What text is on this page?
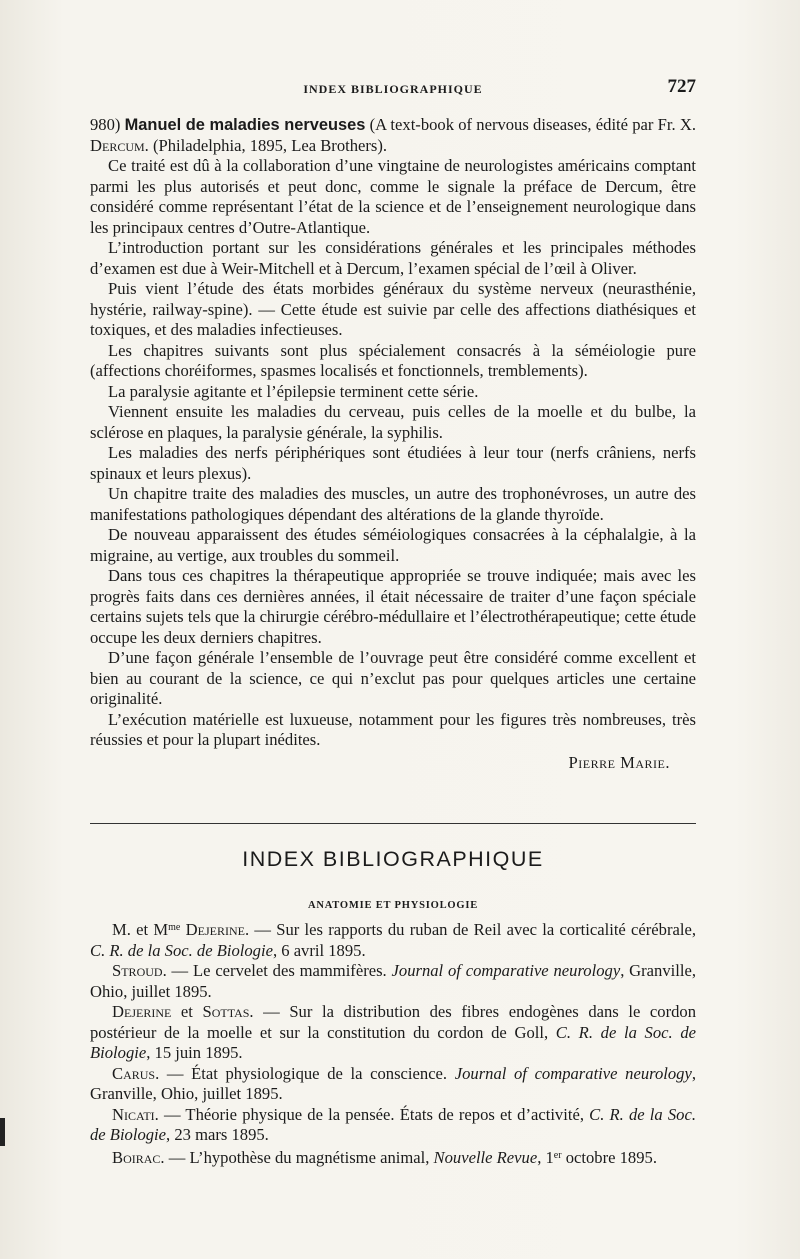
INDEX BIBLIOGRAPHIQUE	727

980) Manuel de maladies nerveuses (A text-book of nervous diseases, édité par Fr. X. Dercum. (Philadelphia, 1895, Lea Brothers).

Ce traité est dû à la collaboration d’une vingtaine de neurologistes américains comptant parmi les plus autorisés et peut donc, comme le signale la préface de Dercum, être considéré comme représentant l’état de la science et de l’enseignement neurologique dans les principaux centres d’Outre-Atlantique.

L’introduction portant sur les considérations générales et les principales méthodes d’examen est due à Weir-Mitchell et à Dercum, l’examen spécial de l’œil à Oliver.

Puis vient l’étude des états morbides généraux du système nerveux (neurasthénie, hystérie, railway-spine). — Cette étude est suivie par celle des affections diathésiques et toxiques, et des maladies infectieuses.

Les chapitres suivants sont plus spécialement consacrés à la séméiologie pure (affections choréiformes, spasmes localisés et fonctionnels, tremblements).

La paralysie agitante et l’épilepsie terminent cette série.

Viennent ensuite les maladies du cerveau, puis celles de la moelle et du bulbe, la sclérose en plaques, la paralysie générale, la syphilis.

Les maladies des nerfs périphériques sont étudiées à leur tour (nerfs crâniens, nerfs spinaux et leurs plexus).

Un chapitre traite des maladies des muscles, un autre des trophonévroses, un autre des manifestations pathologiques dépendant des altérations de la glande thyroïde.

De nouveau apparaissent des études séméiologiques consacrées à la céphalalgie, à la migraine, au vertige, aux troubles du sommeil.

Dans tous ces chapitres la thérapeutique appropriée se trouve indiquée; mais avec les progrès faits dans ces dernières années, il était nécessaire de traiter d’une façon spéciale certains sujets tels que la chirurgie cérébro-médullaire et l’électrothérapeutique; cette étude occupe les deux derniers chapitres.

D’une façon générale l’ensemble de l’ouvrage peut être considéré comme excellent et bien au courant de la science, ce qui n’exclut pas pour quelques articles une certaine originalité.

L’exécution matérielle est luxueuse, notamment pour les figures très nombreuses, très réussies et pour la plupart inédites.

Pierre Marie.
INDEX BIBLIOGRAPHIQUE
ANATOMIE ET PHYSIOLOGIE

M. et $M^{me}$ Dejerine. — Sur les rapports du ruban de Reil avec la corticalité cérébrale, C. R. de la Soc. de Biologie, 6 avril 1895.

Stroud. — Le cervelet des mammifères. Journal of comparative neurology, Granville, Ohio, juillet 1895.

Dejerine et Sottas. — Sur la distribution des fibres endogènes dans le cordon postérieur de la moelle et sur la constitution du cordon de Goll, C. R. de la Soc. de Biologie, 15 juin 1895.

Carus. — État physiologique de la conscience. Journal of comparative neurology, Granville, Ohio, juillet 1895.

Nicati. — Théorie physique de la pensée. États de repos et d’activité, C. R. de la Soc. de Biologie, 23 mars 1895.

Boirac. — L’hypothèse du magnétisme animal, Nouvelle Revue, 1er octobre 1895.
